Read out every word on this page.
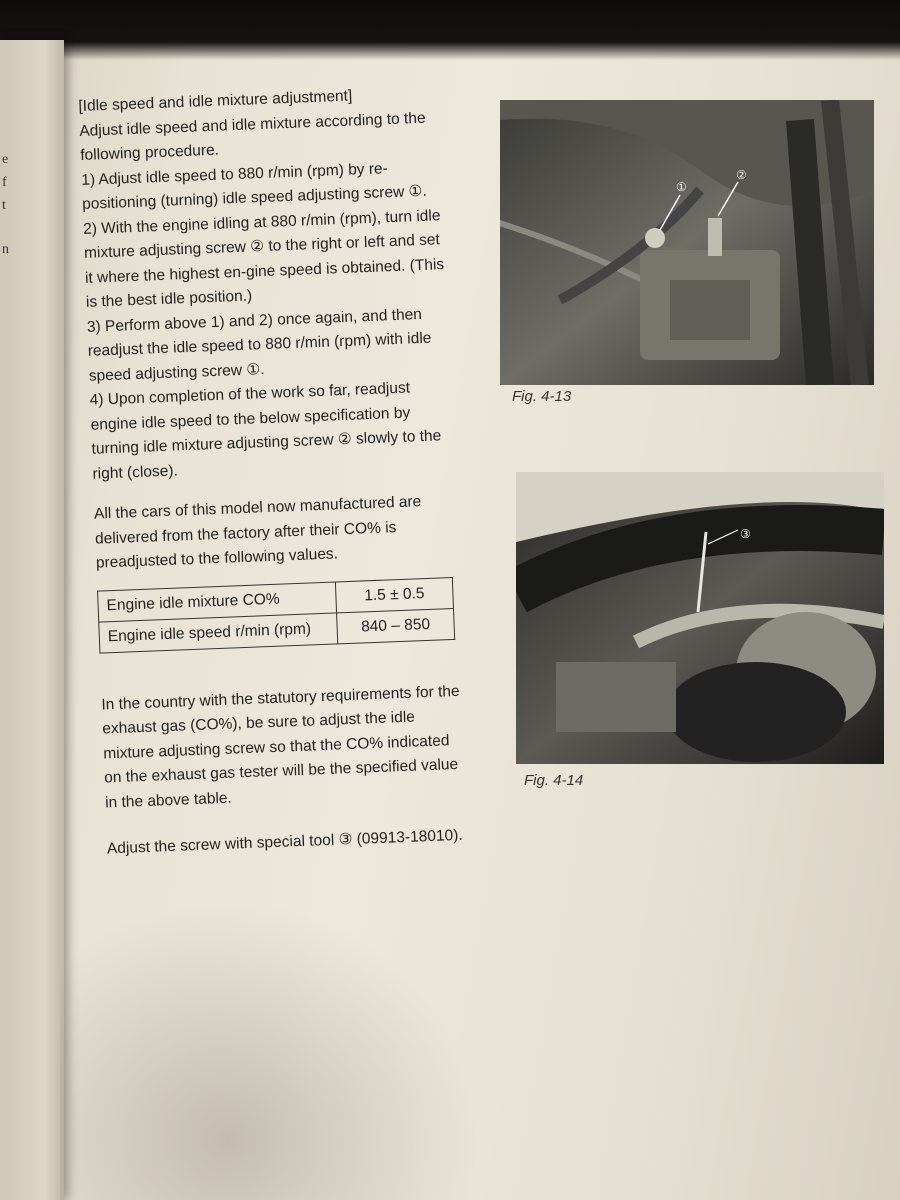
e
f
t
n

[Idle speed and idle mixture adjustment]

Adjust idle speed and idle mixture according to the following procedure.

1) Adjust idle speed to 880 r/min (rpm) by re-positioning (turning) idle speed adjusting screw ①.

2) With the engine idling at 880 r/min (rpm), turn idle mixture adjusting screw ② to the right or left and set it where the highest en-gine speed is obtained. (This is the best idle position.)

3) Perform above 1) and 2) once again, and then readjust the idle speed to 880 r/min (rpm) with idle speed adjusting screw ①.

4) Upon completion of the work so far, readjust engine idle speed to the below specification by turning idle mixture adjusting screw ② slowly to the right (close).

All the cars of this model now manufactured are delivered from the factory after their CO% is preadjusted to the following values.

Engine idle mixture CO%	1.5 ± 0.5
Engine idle speed r/min (rpm)	840 – 850

In the country with the statutory requirements for the exhaust gas (CO%), be sure to adjust the idle mixture adjusting screw so that the CO% indicated on the exhaust gas tester will be the specified value in the above table.

Adjust the screw with special tool ③ (09913-18010).

①
②
Fig. 4-13
③
Fig. 4-14
